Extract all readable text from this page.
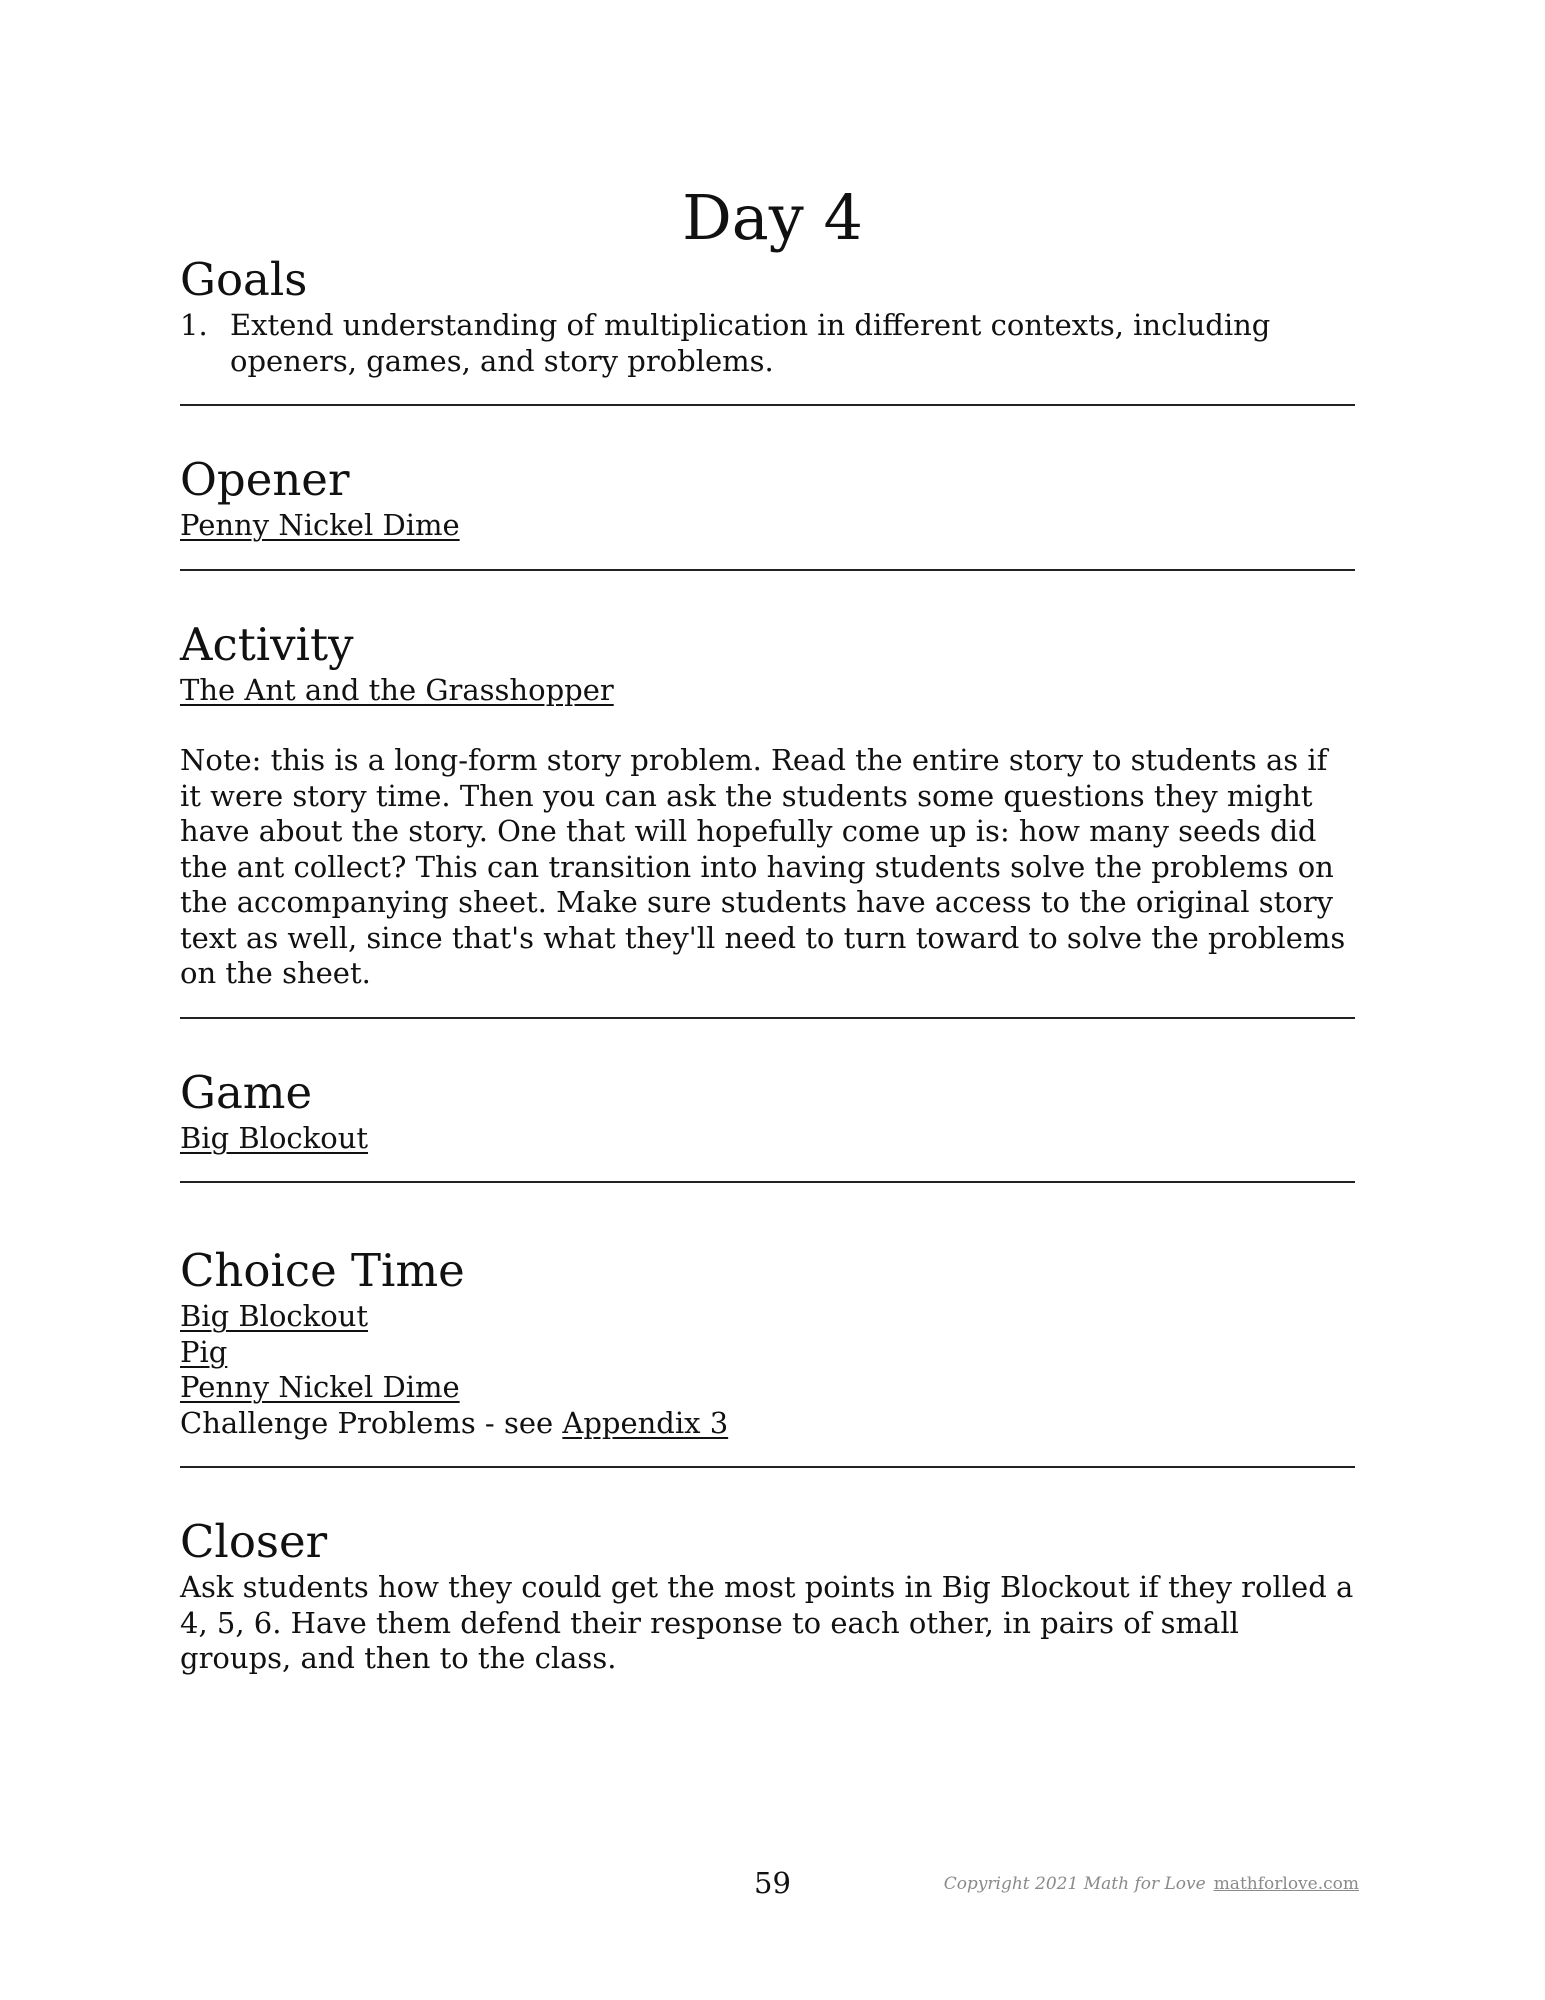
Day 4
Goals
1. Extend understanding of multiplication in different contexts, including openers, games, and story problems.
Opener

Penny Nickel Dime

Activity

The Ant and the Grasshopper

Note: this is a long-form story problem. Read the entire story to students as if it were story time. Then you can ask the students some questions they might have about the story. One that will hopefully come up is: how many seeds did the ant collect? This can transition into having students solve the problems on the accompanying sheet. Make sure students have access to the original story text as well, since that's what they'll need to turn toward to solve the problems on the sheet.

Game

Big Blockout

Choice Time

Big Blockout

Pig

Penny Nickel Dime

Challenge Problems - see Appendix 3

Closer

Ask students how they could get the most points in Big Blockout if they rolled a 4, 5, 6. Have them defend their response to each other, in pairs of small groups, and then to the class.

59	Copyright 2021 Math for Love mathforlove.com
